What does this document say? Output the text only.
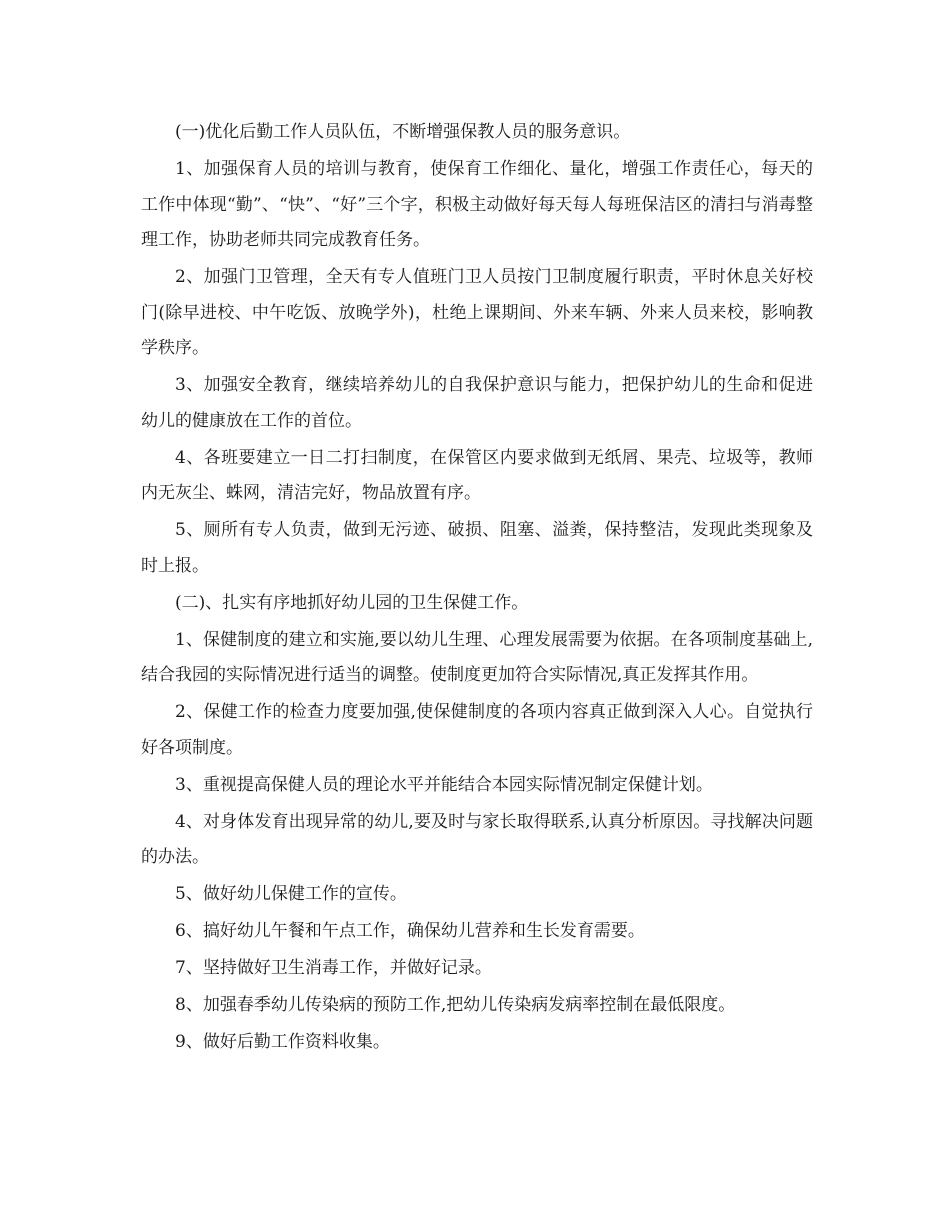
(一)优化后勤工作人员队伍，不断增强保教人员的服务意识。

1、加强保育人员的培训与教育，使保育工作细化、量化，增强工作责任心，每天的工作中体现“勤”、“快”、“好”三个字，积极主动做好每天每人每班保洁区的清扫与消毒整理工作，协助老师共同完成教育任务。

2、加强门卫管理，全天有专人值班门卫人员按门卫制度履行职责，平时休息关好校门(除早进校、中午吃饭、放晚学外)，杜绝上课期间、外来车辆、外来人员来校，影响教学秩序。

3、加强安全教育，继续培养幼儿的自我保护意识与能力，把保护幼儿的生命和促进幼儿的健康放在工作的首位。

4、各班要建立一日二打扫制度，在保管区内要求做到无纸屑、果壳、垃圾等，教师内无灰尘、蛛网，清洁完好，物品放置有序。

5、厕所有专人负责，做到无污迹、破损、阻塞、溢粪，保持整洁，发现此类现象及时上报。

(二)、扎实有序地抓好幼儿园的卫生保健工作。

1、保健制度的建立和实施,要以幼儿生理、心理发展需要为依据。在各项制度基础上,结合我园的实际情况进行适当的调整。使制度更加符合实际情况,真正发挥其作用。

2、保健工作的检查力度要加强,使保健制度的各项内容真正做到深入人心。自觉执行好各项制度。

3、重视提高保健人员的理论水平并能结合本园实际情况制定保健计划。

4、对身体发育出现异常的幼儿,要及时与家长取得联系,认真分析原因。寻找解决问题的办法。

5、做好幼儿保健工作的宣传。

6、搞好幼儿午餐和午点工作，确保幼儿营养和生长发育需要。

7、坚持做好卫生消毒工作，并做好记录。

8、加强春季幼儿传染病的预防工作,把幼儿传染病发病率控制在最低限度。

9、做好后勤工作资料收集。
